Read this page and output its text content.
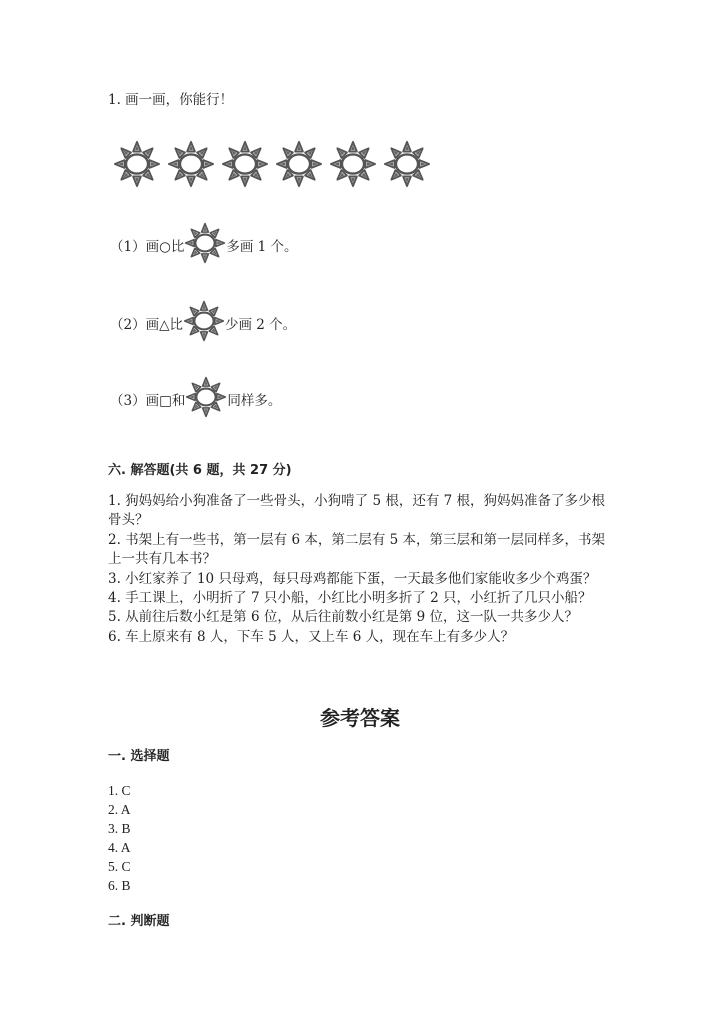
1. 画一画，你能行！
（1）画○比	多画 1 个。
（2）画△比	少画 2 个。
（3）画□和	同样多。
六. 解答题(共 6 题，共 27 分)
1. 狗妈妈给小狗准备了一些骨头，小狗啃了 5 根，还有 7 根，狗妈妈准备了多少根骨头？
2. 书架上有一些书，第一层有 6 本，第二层有 5 本，第三层和第一层同样多，书架上一共有几本书？
3. 小红家养了 10 只母鸡，每只母鸡都能下蛋，一天最多他们家能收多少个鸡蛋？
4. 手工课上，小明折了 7 只小船，小红比小明多折了 2 只，小红折了几只小船？
5. 从前往后数小红是第 6 位，从后往前数小红是第 9 位，这一队一共多少人？
6. 车上原来有 8 人，下车 5 人，又上车 6 人，现在车上有多少人？
参考答案
一. 选择题
1. C
2. A
3. B
4. A
5. C
6. B
二. 判断题
